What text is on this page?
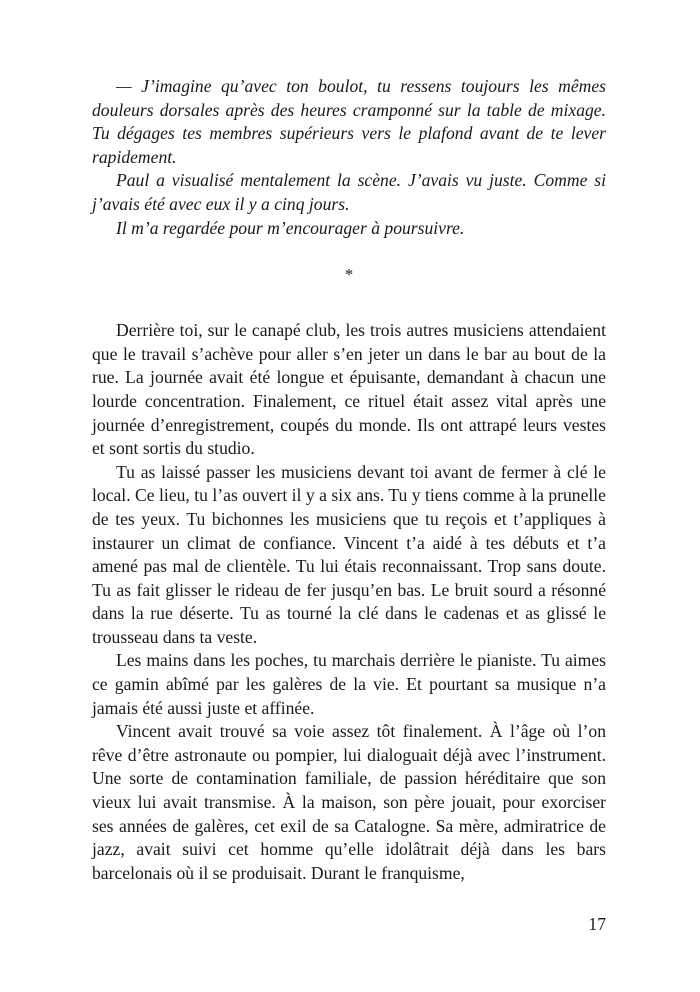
— J’imagine qu’avec ton boulot, tu ressens toujours les mêmes douleurs dorsales après des heures cramponné sur la table de mixage. Tu dégages tes membres supérieurs vers le plafond avant de te lever rapidement.

Paul a visualisé mentalement la scène. J’avais vu juste. Comme si j’avais été avec eux il y a cinq jours.

Il m’a regardée pour m’encourager à poursuivre.

*

Derrière toi, sur le canapé club, les trois autres musiciens attendaient que le travail s’achève pour aller s’en jeter un dans le bar au bout de la rue. La journée avait été longue et épuisante, demandant à chacun une lourde concentration. Finalement, ce rituel était assez vital après une journée d’enregistrement, coupés du monde. Ils ont attrapé leurs vestes et sont sortis du studio.

Tu as laissé passer les musiciens devant toi avant de fermer à clé le local. Ce lieu, tu l’as ouvert il y a six ans. Tu y tiens comme à la prunelle de tes yeux. Tu bichonnes les musiciens que tu reçois et t’appliques à instaurer un climat de confiance. Vincent t’a aidé à tes débuts et t’a amené pas mal de clientèle. Tu lui étais reconnaissant. Trop sans doute. Tu as fait glisser le rideau de fer jusqu’en bas. Le bruit sourd a résonné dans la rue déserte. Tu as tourné la clé dans le cadenas et as glissé le trousseau dans ta veste.

Les mains dans les poches, tu marchais derrière le pianiste. Tu aimes ce gamin abîmé par les galères de la vie. Et pourtant sa musique n’a jamais été aussi juste et affinée.

Vincent avait trouvé sa voie assez tôt finalement. À l’âge où l’on rêve d’être astronaute ou pompier, lui dialoguait déjà avec l’instrument. Une sorte de contamination familiale, de passion héréditaire que son vieux lui avait transmise. À la maison, son père jouait, pour exorciser ses années de galères, cet exil de sa Catalogne. Sa mère, admiratrice de jazz, avait suivi cet homme qu’elle idolâtrait déjà dans les bars barcelonais où il se produisait. Durant le franquisme,

17
